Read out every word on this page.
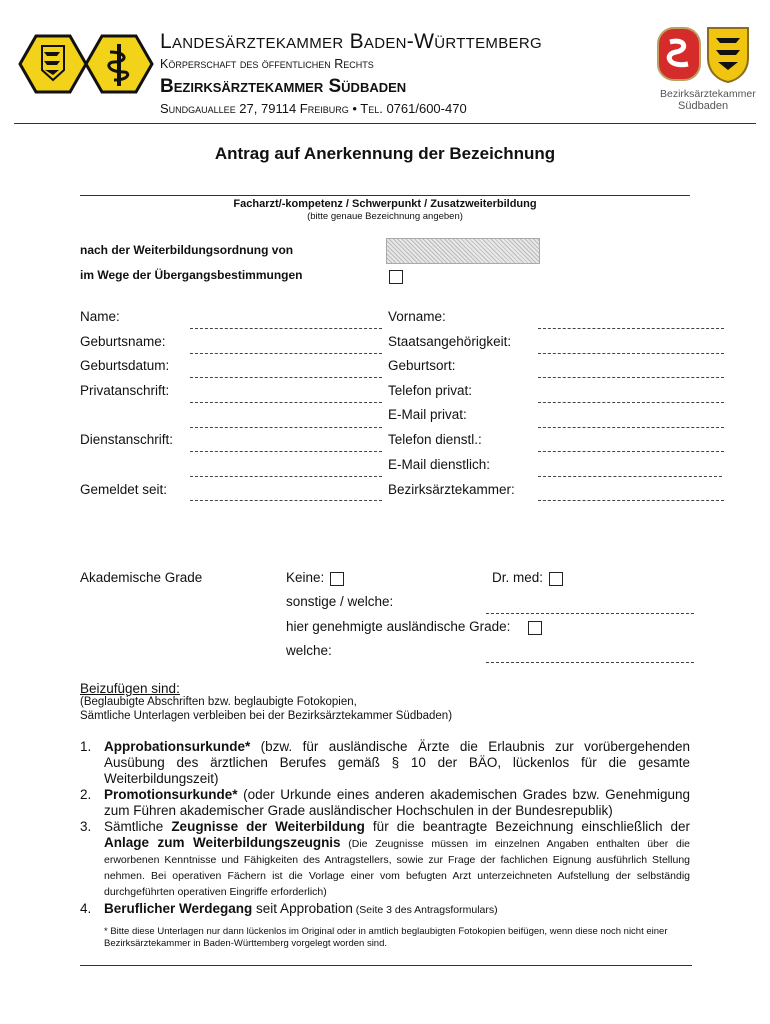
Landesärztekammer Baden-Württemberg
Körperschaft des öffentlichen Rechts
Bezirksärztekammer Südbaden
Sundgauallee 27, 79114 Freiburg • Tel. 0761/600-470
Bezirksärztekammer
Südbaden
Antrag auf Anerkennung der Bezeichnung
Facharzt/-kompetenz / Schwerpunkt / Zusatzweiterbildung
(bitte genaue Bezeichnung angeben)
nach der Weiterbildungsordnung von
im Wege der Übergangsbestimmungen
Name:
Geburtsname:
Geburtsdatum:
Privatanschrift:
Dienstanschrift:
Gemeldet seit:
Vorname:
Staatsangehörigkeit:
Geburtsort:
Telefon privat:
E-Mail privat:
Telefon dienstl.:
E-Mail dienstlich:
Bezirksärztekammer:
Akademische Grade	Keine:	Dr. med:
sonstige / welche:
hier genehmigte ausländische Grade:
welche:
Beizufügen sind:
(Beglaubigte Abschriften bzw. beglaubigte Fotokopien,
Sämtliche Unterlagen verbleiben bei der Bezirksärztekammer Südbaden)
1. Approbationsurkunde* (bzw. für ausländische Ärzte die Erlaubnis zur vorübergehenden Ausübung des ärztlichen Berufes gemäß § 10 der BÄO, lückenlos für die gesamte Weiterbildungszeit)
2. Promotionsurkunde* (oder Urkunde eines anderen akademischen Grades bzw. Genehmigung zum Führen akademischer Grade ausländischer Hochschulen in der Bundesrepublik)
3. Sämtliche Zeugnisse der Weiterbildung für die beantragte Bezeichnung einschließlich der Anlage zum Weiterbildungszeugnis (Die Zeugnisse müssen im einzelnen Angaben enthalten über die erworbenen Kenntnisse und Fähigkeiten des Antragstellers, sowie zur Frage der fachlichen Eignung ausführlich Stellung nehmen. Bei operativen Fächern ist die Vorlage einer vom befugten Arzt unterzeichneten Aufstellung der selbständig durchgeführten operativen Eingriffe erforderlich)
4. Beruflicher Werdegang seit Approbation (Seite 3 des Antragsformulars)
* Bitte diese Unterlagen nur dann lückenlos im Original oder in amtlich beglaubigten Fotokopien beifügen, wenn diese noch nicht einer Bezirksärztekammer in Baden-Württemberg vorgelegt worden sind.
